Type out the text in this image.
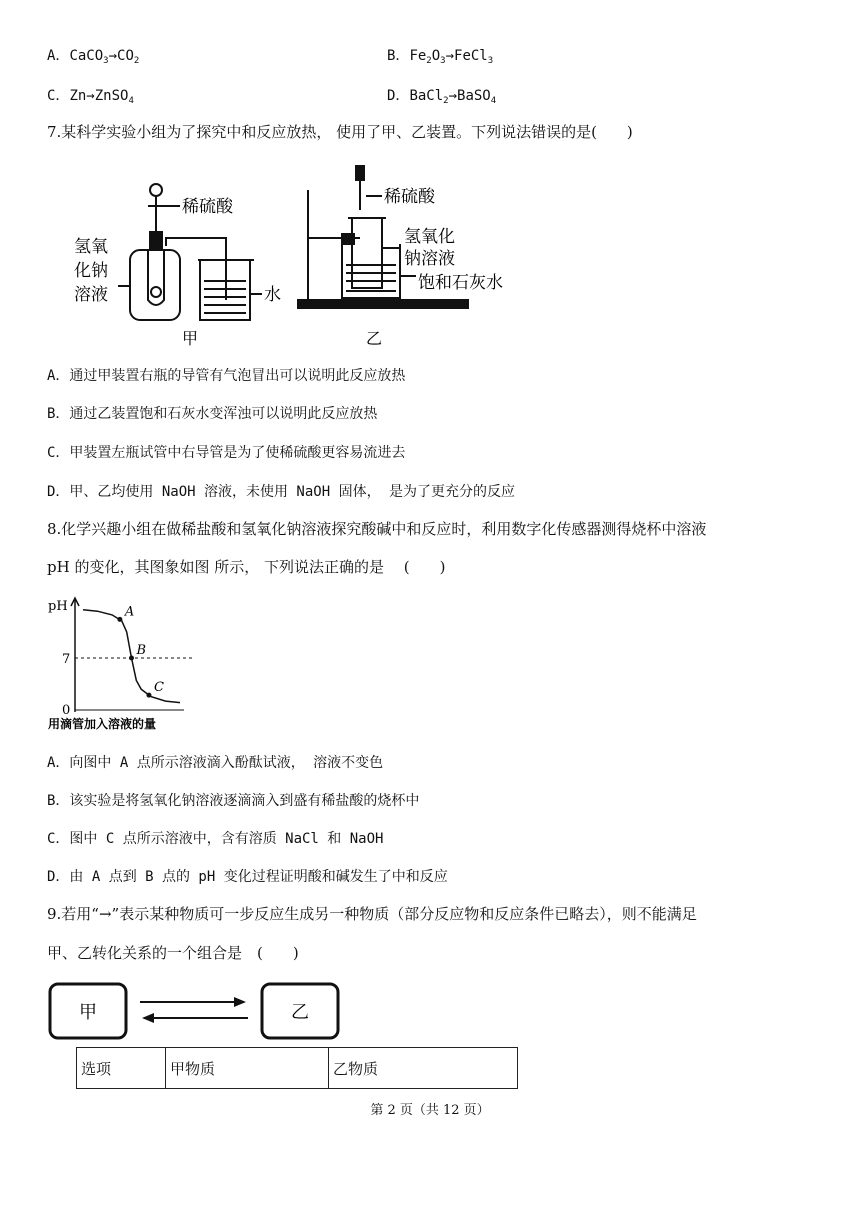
A．$CaCO_3\to CO_2$	B．$Fe_2O_3\to FeCl_3$
C．Zn→ZnSO$_4$	D．BaCl$_2$→BaSO$_4$
7.某科学实验小组为了探究中和反应放热， 使用了甲、乙装置。下列说法错误的是(　　)
稀硫酸
氢氧
化钠
溶液	水
甲
稀硫酸
氢氧化
钠溶液
饱和石灰水
乙
A．通过甲装置右瓶的导管有气泡冒出可以说明此反应放热
B．通过乙装置饱和石灰水变浑浊可以说明此反应放热
C．甲装置左瓶试管中右导管是为了使稀硫酸更容易流进去
D．甲、乙均使用 NaOH 溶液，未使用 NaOH 固体， 是为了更充分的反应
8.化学兴趣小组在做稀盐酸和氢氧化钠溶液探究酸碱中和反应时，利用数字化传感器测得烧杯中溶液
pH 的变化，其图象如图 所示， 下列说法正确的是　 (　　)
pH
7
0
用滴管加入溶液的量
A
B
C
A．向图中 A 点所示溶液滴入酚酞试液， 溶液不变色
B．该实验是将氢氧化钠溶液逐滴滴入到盛有稀盐酸的烧杯中
C．图中 C 点所示溶液中，含有溶质 NaCl 和 NaOH
D．由 A 点到 B 点的 pH 变化过程证明酸和碱发生了中和反应
9.若用“→”表示某种物质可一步反应生成另一种物质（部分反应物和反应条件已略去），则不能满足
甲、乙转化关系的一个组合是　(　　)
甲	乙
选项	甲物质	乙物质
第 2 页（共 12 页）
